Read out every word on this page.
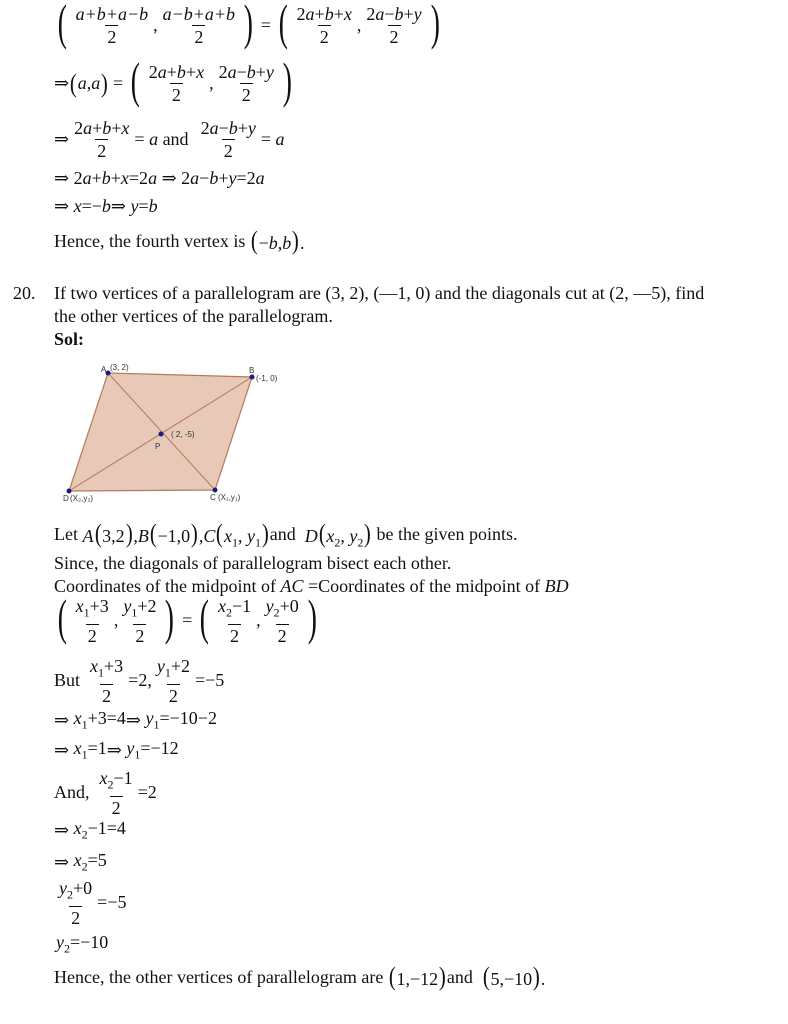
( a+b+a−b
2
,
a−b+a+b
2 ) = ( 2a+b+x
2
,
2a−b+y
2 )
⇒ ( a , a ) = ( 2a+b+x
2
,
2a−b+y
2 )
⇒ $\frac{2a+b+x}{2} = a$ and $\frac{2a-b+y}{2} = a$
⇒ 2a+b+x=2a ⇒ 2a−b+y=2a
⇒ x=−b ⇒ y=b
Hence, the fourth vertex is (−b,b).
20. If two vertices of a parallelogram are (3, 2), (—1, 0) and the diagonals cut at (2, —5), find
the other vertices of the parallelogram.
Sol:
A (3, 2)	B
(-1, 0)
( 2, -5)
P
D (X₂,y₂)	C (X₁,y₁)
Let $A(3,2),B(-1,0),C(x_1$, $y_1$) and $D(x_2$, $y_2$) be the given points.
Since, the diagonals of parallelogram bisect each other.
Coordinates of the midpoint of AC =Coordinates of the midpoint of BD
( $x_1+3$
2
,
$y_1+2$
2 ) = ( $x_2-1$
2
,
$y_2+0$
2 )
But $\frac{x_1+3}{2} =2$, $\frac{y_1+2}{2} =-5$
⇒ $x_1+3=4$ ⇒ $y_1=-10-2$
⇒ $x_1=1$ ⇒ $y_1=-12$
And, $\frac{x_2-1}{2} =2$
⇒ $x_2-1=4$
⇒ $x_2=5$
$\frac{y_2+0}{2} =-5$
$y_2=-10$
Hence, the other vertices of parallelogram are (1,−12) and (5,−10).
